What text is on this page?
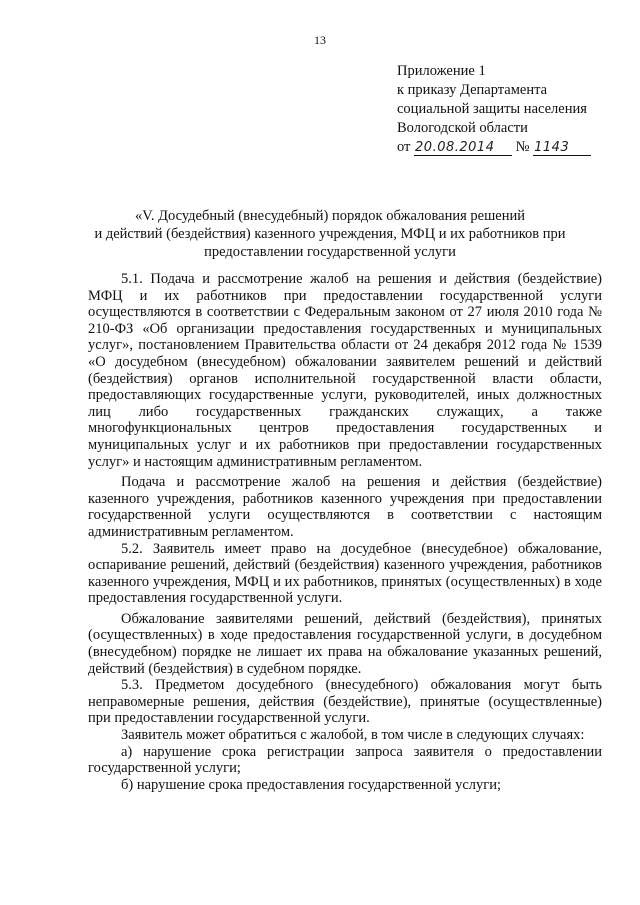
13
Приложение 1
к приказу Департамента
социальной защиты населения
Вологодской области
от 20.08.2014 № 1143
«V. Досудебный (внесудебный) порядок обжалования решений
и действий (бездействия) казенного учреждения, МФЦ и их работников при
предоставлении государственной услуги

5.1. Подача и рассмотрение жалоб на решения и действия (бездействие) МФЦ и их работников при предоставлении государственной услуги осуществляются в соответствии с Федеральным законом от 27 июля 2010 года № 210-ФЗ «Об организации предоставления государственных и муниципальных услуг», постановлением Правительства области от 24 декабря 2012 года № 1539 «О досудебном (внесудебном) обжаловании заявителем решений и действий (бездействия) органов исполнительной государственной власти области, предоставляющих государственные услуги, руководителей, иных должностных лиц либо государственных гражданских служащих, а также многофункциональных центров предоставления государственных и муниципальных услуг и их работников при предоставлении государственных услуг» и настоящим административным регламентом.

Подача и рассмотрение жалоб на решения и действия (бездействие) казенного учреждения, работников казенного учреждения при предоставлении государственной услуги осуществляются в соответствии с настоящим административным регламентом.

5.2. Заявитель имеет право на досудебное (внесудебное) обжалование, оспаривание решений, действий (бездействия) казенного учреждения, работников казенного учреждения, МФЦ и их работников, принятых (осуществленных) в ходе предоставления государственной услуги.

Обжалование заявителями решений, действий (бездействия), принятых (осуществленных) в ходе предоставления государственной услуги, в досудебном (внесудебном) порядке не лишает их права на обжалование указанных решений, действий (бездействия) в судебном порядке.

5.3. Предметом досудебного (внесудебного) обжалования могут быть неправомерные решения, действия (бездействие), принятые (осуществленные) при предоставлении государственной услуги.

Заявитель может обратиться с жалобой, в том числе в следующих случаях:

а) нарушение срока регистрации запроса заявителя о предоставлении государственной услуги;

б) нарушение срока предоставления государственной услуги;
